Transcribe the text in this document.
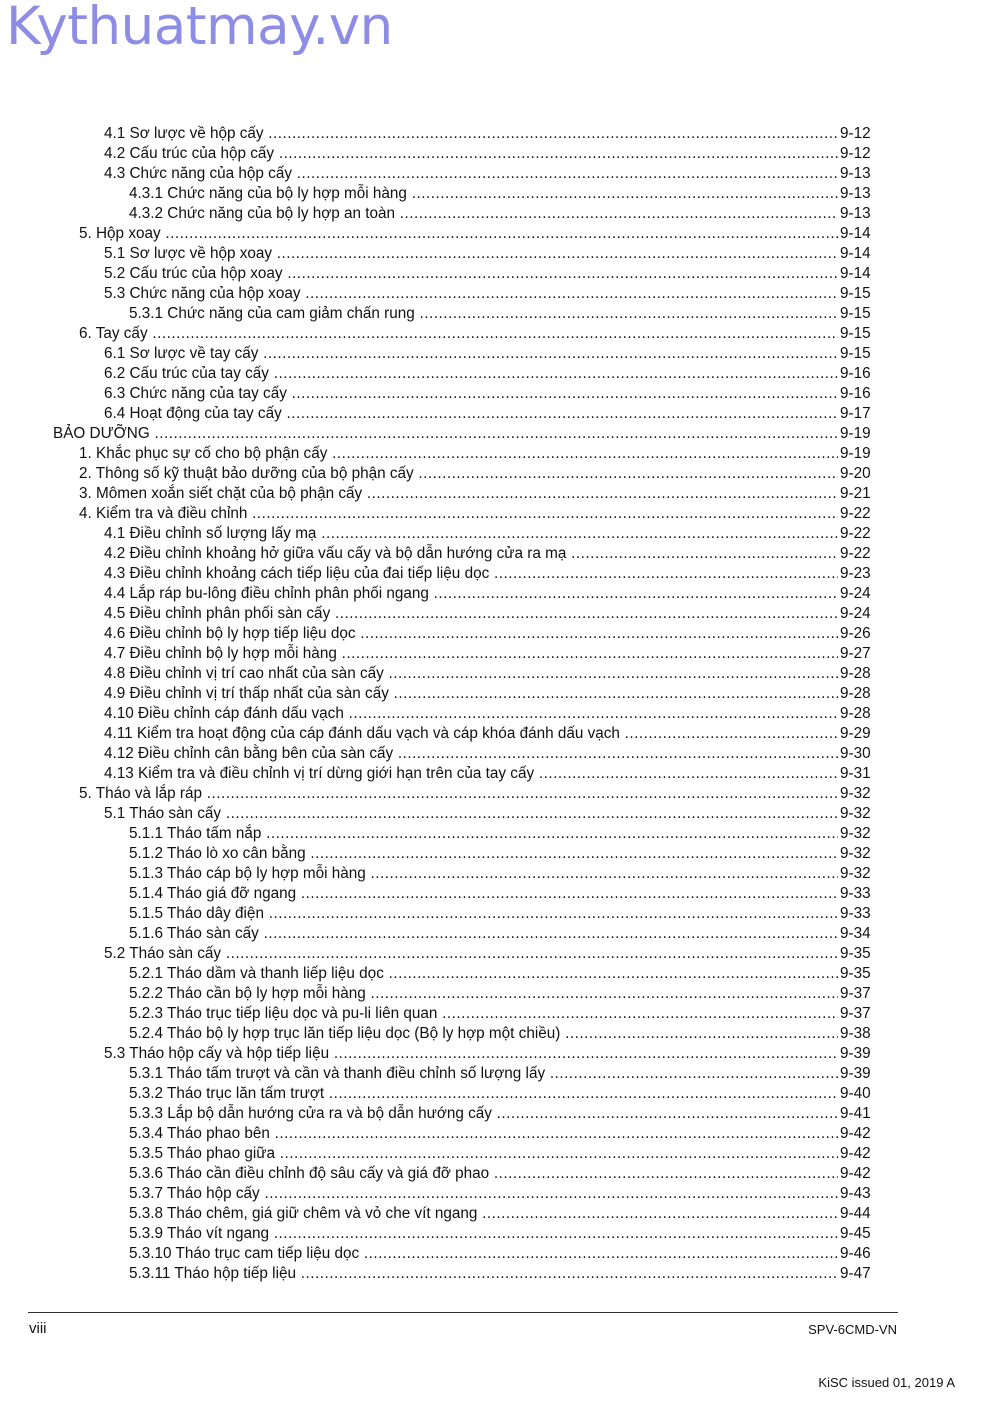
Kythuatmay.vn
4.1 Sơ lược về hộp cấy .....	9-12
4.2 Cấu trúc của hộp cấy .....	9-12
4.3 Chức năng của hộp cấy .....	9-13
4.3.1 Chức năng của bộ ly hợp mỗi hàng .....	9-13
4.3.2 Chức năng của bộ ly hợp an toàn .....	9-13
5. Hộp xoay .....	9-14
5.1 Sơ lược về hộp xoay .....	9-14
5.2 Cấu trúc của hộp xoay .....	9-14
5.3 Chức năng của hộp xoay .....	9-15
5.3.1 Chức năng của cam giảm chấn rung .....	9-15
6. Tay cấy .....	9-15
6.1 Sơ lược về tay cấy .....	9-15
6.2 Cấu trúc của tay cấy .....	9-16
6.3 Chức năng của tay cấy .....	9-16
6.4 Hoạt động của tay cấy .....	9-17
BẢO DƯỠNG .....	9-19
1. Khắc phục sự cố cho bộ phận cấy .....	9-19
2. Thông số kỹ thuật bảo dưỡng của bộ phận cấy .....	9-20
3. Mômen xoắn siết chặt của bộ phận cấy .....	9-21
4. Kiểm tra và điều chỉnh .....	9-22
4.1 Điều chỉnh số lượng lấy mạ .....	9-22
4.2 Điều chỉnh khoảng hở giữa vấu cấy và bộ dẫn hướng cửa ra mạ .....	9-22
4.3 Điều chỉnh khoảng cách tiếp liệu của đai tiếp liệu dọc .....	9-23
4.4 Lắp ráp bu-lông điều chỉnh phân phối ngang .....	9-24
4.5 Điều chỉnh phân phối sàn cấy .....	9-24
4.6 Điều chỉnh bộ ly hợp tiếp liệu dọc .....	9-26
4.7 Điều chỉnh bộ ly hợp mỗi hàng .....	9-27
4.8 Điều chỉnh vị trí cao nhất của sàn cấy .....	9-28
4.9 Điều chỉnh vị trí thấp nhất của sàn cấy .....	9-28
4.10 Điều chỉnh cáp đánh dấu vạch .....	9-28
4.11 Kiểm tra hoạt động của cáp đánh dấu vạch và cáp khóa đánh dấu vạch .....	9-29
4.12 Điều chỉnh cân bằng bên của sàn cấy .....	9-30
4.13 Kiểm tra và điều chỉnh vị trí dừng giới hạn trên của tay cấy .....	9-31
5. Tháo và lắp ráp .....	9-32
5.1 Tháo sàn cấy .....	9-32
5.1.1 Tháo tấm nắp .....	9-32
5.1.2 Tháo lò xo cân bằng .....	9-32
5.1.3 Tháo cáp bộ ly hợp mỗi hàng .....	9-32
5.1.4 Tháo giá đỡ ngang .....	9-33
5.1.5 Tháo dây điện .....	9-33
5.1.6 Tháo sàn cấy .....	9-34
5.2 Tháo sàn cấy .....	9-35
5.2.1 Tháo dầm và thanh liếp liệu dọc .....	9-35
5.2.2 Tháo cần bộ ly hợp mỗi hàng .....	9-37
5.2.3 Tháo trục tiếp liệu dọc và pu-li liên quan .....	9-37
5.2.4 Tháo bộ ly hợp trục lăn tiếp liệu dọc (Bộ ly hợp một chiều) .....	9-38
5.3 Tháo hộp cấy và hộp tiếp liệu .....	9-39
5.3.1 Tháo tấm trượt và cần và thanh điều chỉnh số lượng lấy .....	9-39
5.3.2 Tháo trục lăn tấm trượt .....	9-40
5.3.3 Lắp bộ dẫn hướng cửa ra và bộ dẫn hướng cấy .....	9-41
5.3.4 Tháo phao bên .....	9-42
5.3.5 Tháo phao giữa .....	9-42
5.3.6 Tháo cần điều chỉnh độ sâu cấy và giá đỡ phao .....	9-42
5.3.7 Tháo hộp cấy .....	9-43
5.3.8 Tháo chêm, giá giữ chêm và vỏ che vít ngang .....	9-44
5.3.9 Tháo vít ngang .....	9-45
5.3.10 Tháo trục cam tiếp liệu dọc .....	9-46
5.3.11 Tháo hộp tiếp liệu .....	9-47
viii	SPV-6CMD-VN
KiSC issued 01, 2019 A
